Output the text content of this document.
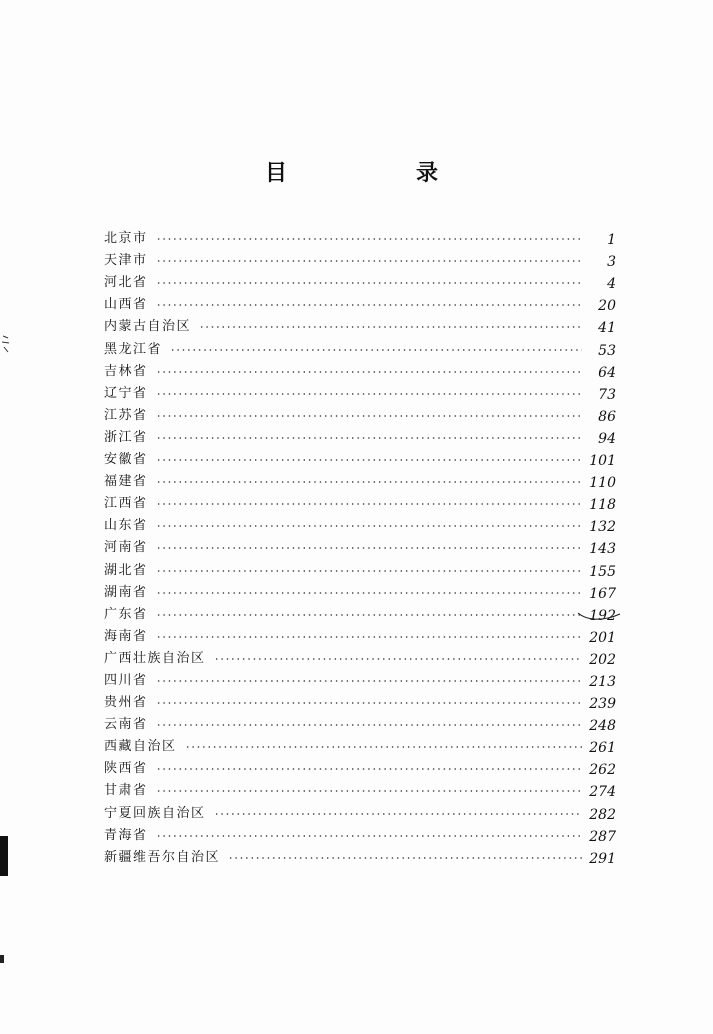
目	录
北京市	1
天津市	3
河北省	4
山西省	20
内蒙古自治区	41
黑龙江省	53
吉林省	64
辽宁省	73
江苏省	86
浙江省	94
安徽省	101
福建省	110
江西省	118
山东省	132
河南省	143
湖北省	155
湖南省	167
广东省	192
海南省	201
广西壮族自治区	202
四川省	213
贵州省	239
云南省	248
西藏自治区	261
陕西省	262
甘肃省	274
宁夏回族自治区	282
青海省	287
新疆维吾尔自治区	291
